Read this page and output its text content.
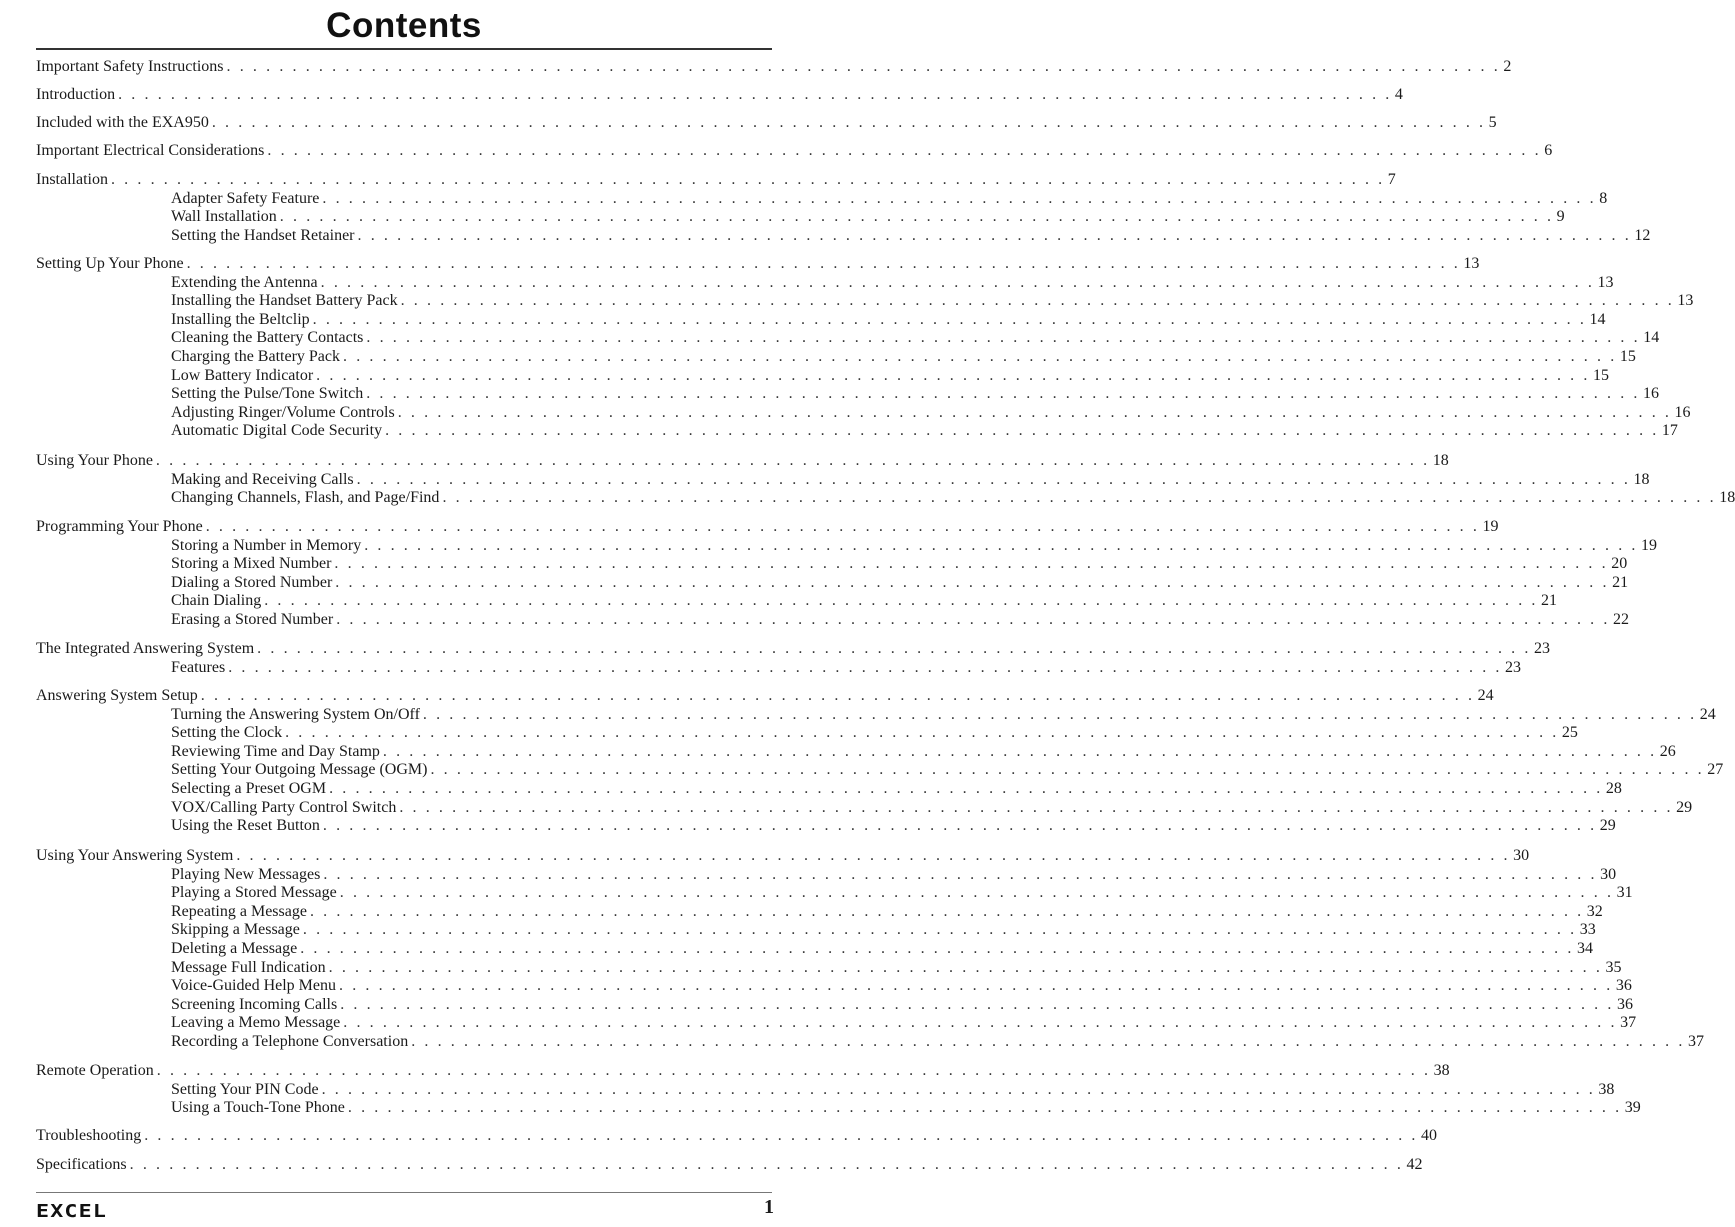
Contents
Important Safety Instructions . . . . . . . . . . . . . . . . . . . . . . . . . . . . . . . . . . . . . . . . . . . . . . . . . . . . . . . . . . . . . . . . . . . . . . . . . . . . . . . . . . . . . . . . . . . . . . . . . 2
Introduction . . . . . . . . . . . . . . . . . . . . . . . . . . . . . . . . . . . . . . . . . . . . . . . . . . . . . . . . . . . . . . . . . . . . . . . . . . . . . . . . . . . . . . . . . . . . . . . . . 4
Included with the EXA950 . . . . . . . . . . . . . . . . . . . . . . . . . . . . . . . . . . . . . . . . . . . . . . . . . . . . . . . . . . . . . . . . . . . . . . . . . . . . . . . . . . . . . . . . . . . . . . . . . 5
Important Electrical Considerations . . . . . . . . . . . . . . . . . . . . . . . . . . . . . . . . . . . . . . . . . . . . . . . . . . . . . . . . . . . . . . . . . . . . . . . . . . . . . . . . . . . . . . . . . . . . . . . . . 6
Installation . . . . . . . . . . . . . . . . . . . . . . . . . . . . . . . . . . . . . . . . . . . . . . . . . . . . . . . . . . . . . . . . . . . . . . . . . . . . . . . . . . . . . . . . . . . . . . . . . 7
Adapter Safety Feature . . . . . . . . . . . . . . . . . . . . . . . . . . . . . . . . . . . . . . . . . . . . . . . . . . . . . . . . . . . . . . . . . . . . . . . . . . . . . . . . . . . . . . . . . . . . . . . . . 8
Wall Installation . . . . . . . . . . . . . . . . . . . . . . . . . . . . . . . . . . . . . . . . . . . . . . . . . . . . . . . . . . . . . . . . . . . . . . . . . . . . . . . . . . . . . . . . . . . . . . . . . 9
Setting the Handset Retainer . . . . . . . . . . . . . . . . . . . . . . . . . . . . . . . . . . . . . . . . . . . . . . . . . . . . . . . . . . . . . . . . . . . . . . . . . . . . . . . . . . . . . . . . . . . . . . . . . 12
Setting Up Your Phone . . . . . . . . . . . . . . . . . . . . . . . . . . . . . . . . . . . . . . . . . . . . . . . . . . . . . . . . . . . . . . . . . . . . . . . . . . . . . . . . . . . . . . . . . . . . . . . . . 13
Extending the Antenna . . . . . . . . . . . . . . . . . . . . . . . . . . . . . . . . . . . . . . . . . . . . . . . . . . . . . . . . . . . . . . . . . . . . . . . . . . . . . . . . . . . . . . . . . . . . . . . . . 13
Installing the Handset Battery Pack . . . . . . . . . . . . . . . . . . . . . . . . . . . . . . . . . . . . . . . . . . . . . . . . . . . . . . . . . . . . . . . . . . . . . . . . . . . . . . . . . . . . . . . . . . . . . . . . . 13
Installing the Beltclip . . . . . . . . . . . . . . . . . . . . . . . . . . . . . . . . . . . . . . . . . . . . . . . . . . . . . . . . . . . . . . . . . . . . . . . . . . . . . . . . . . . . . . . . . . . . . . . . . 14
Cleaning the Battery Contacts . . . . . . . . . . . . . . . . . . . . . . . . . . . . . . . . . . . . . . . . . . . . . . . . . . . . . . . . . . . . . . . . . . . . . . . . . . . . . . . . . . . . . . . . . . . . . . . . . 14
Charging the Battery Pack . . . . . . . . . . . . . . . . . . . . . . . . . . . . . . . . . . . . . . . . . . . . . . . . . . . . . . . . . . . . . . . . . . . . . . . . . . . . . . . . . . . . . . . . . . . . . . . . . 15
Low Battery Indicator . . . . . . . . . . . . . . . . . . . . . . . . . . . . . . . . . . . . . . . . . . . . . . . . . . . . . . . . . . . . . . . . . . . . . . . . . . . . . . . . . . . . . . . . . . . . . . . . . 15
Setting the Pulse/Tone Switch . . . . . . . . . . . . . . . . . . . . . . . . . . . . . . . . . . . . . . . . . . . . . . . . . . . . . . . . . . . . . . . . . . . . . . . . . . . . . . . . . . . . . . . . . . . . . . . . . 16
Adjusting Ringer/Volume Controls . . . . . . . . . . . . . . . . . . . . . . . . . . . . . . . . . . . . . . . . . . . . . . . . . . . . . . . . . . . . . . . . . . . . . . . . . . . . . . . . . . . . . . . . . . . . . . . . . 16
Automatic Digital Code Security . . . . . . . . . . . . . . . . . . . . . . . . . . . . . . . . . . . . . . . . . . . . . . . . . . . . . . . . . . . . . . . . . . . . . . . . . . . . . . . . . . . . . . . . . . . . . . . . . 17
Using Your Phone . . . . . . . . . . . . . . . . . . . . . . . . . . . . . . . . . . . . . . . . . . . . . . . . . . . . . . . . . . . . . . . . . . . . . . . . . . . . . . . . . . . . . . . . . . . . . . . . . 18
Making and Receiving Calls . . . . . . . . . . . . . . . . . . . . . . . . . . . . . . . . . . . . . . . . . . . . . . . . . . . . . . . . . . . . . . . . . . . . . . . . . . . . . . . . . . . . . . . . . . . . . . . . . 18
Changing Channels, Flash, and Page/Find . . . . . . . . . . . . . . . . . . . . . . . . . . . . . . . . . . . . . . . . . . . . . . . . . . . . . . . . . . . . . . . . . . . . . . . . . . . . . . . . . . . . . . . . . . . . . . . . . 18
Programming Your Phone . . . . . . . . . . . . . . . . . . . . . . . . . . . . . . . . . . . . . . . . . . . . . . . . . . . . . . . . . . . . . . . . . . . . . . . . . . . . . . . . . . . . . . . . . . . . . . . . . 19
Storing a Number in Memory . . . . . . . . . . . . . . . . . . . . . . . . . . . . . . . . . . . . . . . . . . . . . . . . . . . . . . . . . . . . . . . . . . . . . . . . . . . . . . . . . . . . . . . . . . . . . . . . . 19
Storing a Mixed Number . . . . . . . . . . . . . . . . . . . . . . . . . . . . . . . . . . . . . . . . . . . . . . . . . . . . . . . . . . . . . . . . . . . . . . . . . . . . . . . . . . . . . . . . . . . . . . . . . 20
Dialing a Stored Number . . . . . . . . . . . . . . . . . . . . . . . . . . . . . . . . . . . . . . . . . . . . . . . . . . . . . . . . . . . . . . . . . . . . . . . . . . . . . . . . . . . . . . . . . . . . . . . . . 21
Chain Dialing . . . . . . . . . . . . . . . . . . . . . . . . . . . . . . . . . . . . . . . . . . . . . . . . . . . . . . . . . . . . . . . . . . . . . . . . . . . . . . . . . . . . . . . . . . . . . . . . . 21
Erasing a Stored Number . . . . . . . . . . . . . . . . . . . . . . . . . . . . . . . . . . . . . . . . . . . . . . . . . . . . . . . . . . . . . . . . . . . . . . . . . . . . . . . . . . . . . . . . . . . . . . . . . 22
The Integrated Answering System . . . . . . . . . . . . . . . . . . . . . . . . . . . . . . . . . . . . . . . . . . . . . . . . . . . . . . . . . . . . . . . . . . . . . . . . . . . . . . . . . . . . . . . . . . . . . . . . . 23
Features . . . . . . . . . . . . . . . . . . . . . . . . . . . . . . . . . . . . . . . . . . . . . . . . . . . . . . . . . . . . . . . . . . . . . . . . . . . . . . . . . . . . . . . . . . . . . . . . . 23
Answering System Setup . . . . . . . . . . . . . . . . . . . . . . . . . . . . . . . . . . . . . . . . . . . . . . . . . . . . . . . . . . . . . . . . . . . . . . . . . . . . . . . . . . . . . . . . . . . . . . . . . 24
Turning the Answering System On/Off . . . . . . . . . . . . . . . . . . . . . . . . . . . . . . . . . . . . . . . . . . . . . . . . . . . . . . . . . . . . . . . . . . . . . . . . . . . . . . . . . . . . . . . . . . . . . . . . . 24
Setting the Clock . . . . . . . . . . . . . . . . . . . . . . . . . . . . . . . . . . . . . . . . . . . . . . . . . . . . . . . . . . . . . . . . . . . . . . . . . . . . . . . . . . . . . . . . . . . . . . . . . 25
Reviewing Time and Day Stamp . . . . . . . . . . . . . . . . . . . . . . . . . . . . . . . . . . . . . . . . . . . . . . . . . . . . . . . . . . . . . . . . . . . . . . . . . . . . . . . . . . . . . . . . . . . . . . . . . 26
Setting Your Outgoing Message (OGM) . . . . . . . . . . . . . . . . . . . . . . . . . . . . . . . . . . . . . . . . . . . . . . . . . . . . . . . . . . . . . . . . . . . . . . . . . . . . . . . . . . . . . . . . . . . . . . . . . 27
Selecting a Preset OGM . . . . . . . . . . . . . . . . . . . . . . . . . . . . . . . . . . . . . . . . . . . . . . . . . . . . . . . . . . . . . . . . . . . . . . . . . . . . . . . . . . . . . . . . . . . . . . . . . 28
VOX/Calling Party Control Switch . . . . . . . . . . . . . . . . . . . . . . . . . . . . . . . . . . . . . . . . . . . . . . . . . . . . . . . . . . . . . . . . . . . . . . . . . . . . . . . . . . . . . . . . . . . . . . . . . 29
Using the Reset Button . . . . . . . . . . . . . . . . . . . . . . . . . . . . . . . . . . . . . . . . . . . . . . . . . . . . . . . . . . . . . . . . . . . . . . . . . . . . . . . . . . . . . . . . . . . . . . . . . 29
Using Your Answering System . . . . . . . . . . . . . . . . . . . . . . . . . . . . . . . . . . . . . . . . . . . . . . . . . . . . . . . . . . . . . . . . . . . . . . . . . . . . . . . . . . . . . . . . . . . . . . . . . 30
Playing New Messages . . . . . . . . . . . . . . . . . . . . . . . . . . . . . . . . . . . . . . . . . . . . . . . . . . . . . . . . . . . . . . . . . . . . . . . . . . . . . . . . . . . . . . . . . . . . . . . . . 30
Playing a Stored Message . . . . . . . . . . . . . . . . . . . . . . . . . . . . . . . . . . . . . . . . . . . . . . . . . . . . . . . . . . . . . . . . . . . . . . . . . . . . . . . . . . . . . . . . . . . . . . . . . 31
Repeating a Message . . . . . . . . . . . . . . . . . . . . . . . . . . . . . . . . . . . . . . . . . . . . . . . . . . . . . . . . . . . . . . . . . . . . . . . . . . . . . . . . . . . . . . . . . . . . . . . . . 32
Skipping a Message . . . . . . . . . . . . . . . . . . . . . . . . . . . . . . . . . . . . . . . . . . . . . . . . . . . . . . . . . . . . . . . . . . . . . . . . . . . . . . . . . . . . . . . . . . . . . . . . . 33
Deleting a Message . . . . . . . . . . . . . . . . . . . . . . . . . . . . . . . . . . . . . . . . . . . . . . . . . . . . . . . . . . . . . . . . . . . . . . . . . . . . . . . . . . . . . . . . . . . . . . . . . 34
Message Full Indication . . . . . . . . . . . . . . . . . . . . . . . . . . . . . . . . . . . . . . . . . . . . . . . . . . . . . . . . . . . . . . . . . . . . . . . . . . . . . . . . . . . . . . . . . . . . . . . . . 35
Voice-Guided Help Menu . . . . . . . . . . . . . . . . . . . . . . . . . . . . . . . . . . . . . . . . . . . . . . . . . . . . . . . . . . . . . . . . . . . . . . . . . . . . . . . . . . . . . . . . . . . . . . . . . 36
Screening Incoming Calls . . . . . . . . . . . . . . . . . . . . . . . . . . . . . . . . . . . . . . . . . . . . . . . . . . . . . . . . . . . . . . . . . . . . . . . . . . . . . . . . . . . . . . . . . . . . . . . . . 36
Leaving a Memo Message . . . . . . . . . . . . . . . . . . . . . . . . . . . . . . . . . . . . . . . . . . . . . . . . . . . . . . . . . . . . . . . . . . . . . . . . . . . . . . . . . . . . . . . . . . . . . . . . . 37
Recording a Telephone Conversation . . . . . . . . . . . . . . . . . . . . . . . . . . . . . . . . . . . . . . . . . . . . . . . . . . . . . . . . . . . . . . . . . . . . . . . . . . . . . . . . . . . . . . . . . . . . . . . . . 37
Remote Operation . . . . . . . . . . . . . . . . . . . . . . . . . . . . . . . . . . . . . . . . . . . . . . . . . . . . . . . . . . . . . . . . . . . . . . . . . . . . . . . . . . . . . . . . . . . . . . . . . 38
Setting Your PIN Code . . . . . . . . . . . . . . . . . . . . . . . . . . . . . . . . . . . . . . . . . . . . . . . . . . . . . . . . . . . . . . . . . . . . . . . . . . . . . . . . . . . . . . . . . . . . . . . . . 38
Using a Touch-Tone Phone . . . . . . . . . . . . . . . . . . . . . . . . . . . . . . . . . . . . . . . . . . . . . . . . . . . . . . . . . . . . . . . . . . . . . . . . . . . . . . . . . . . . . . . . . . . . . . . . . 39
Troubleshooting . . . . . . . . . . . . . . . . . . . . . . . . . . . . . . . . . . . . . . . . . . . . . . . . . . . . . . . . . . . . . . . . . . . . . . . . . . . . . . . . . . . . . . . . . . . . . . . . . 40
Specifications . . . . . . . . . . . . . . . . . . . . . . . . . . . . . . . . . . . . . . . . . . . . . . . . . . . . . . . . . . . . . . . . . . . . . . . . . . . . . . . . . . . . . . . . . . . . . . . . . 42
EXCEL	1
